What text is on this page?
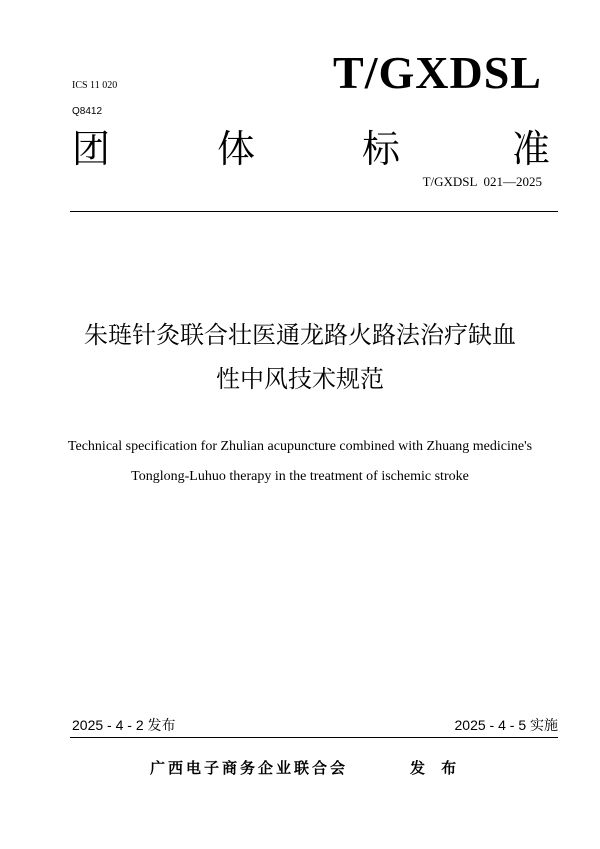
ICS 11 020
Q8412
T/GXDSL
团	体	标	准
T/GXDSL  021—2025
朱琏针灸联合壮医通龙路火路法治疗缺血
性中风技术规范
Technical specification for Zhulian acupuncture combined with Zhuang medicine's
Tonglong-Luhuo therapy in the treatment of ischemic stroke
2025 - 4 - 2 发布	2025 - 4 - 5 实施
广西电子商务企业联合会	发 布
